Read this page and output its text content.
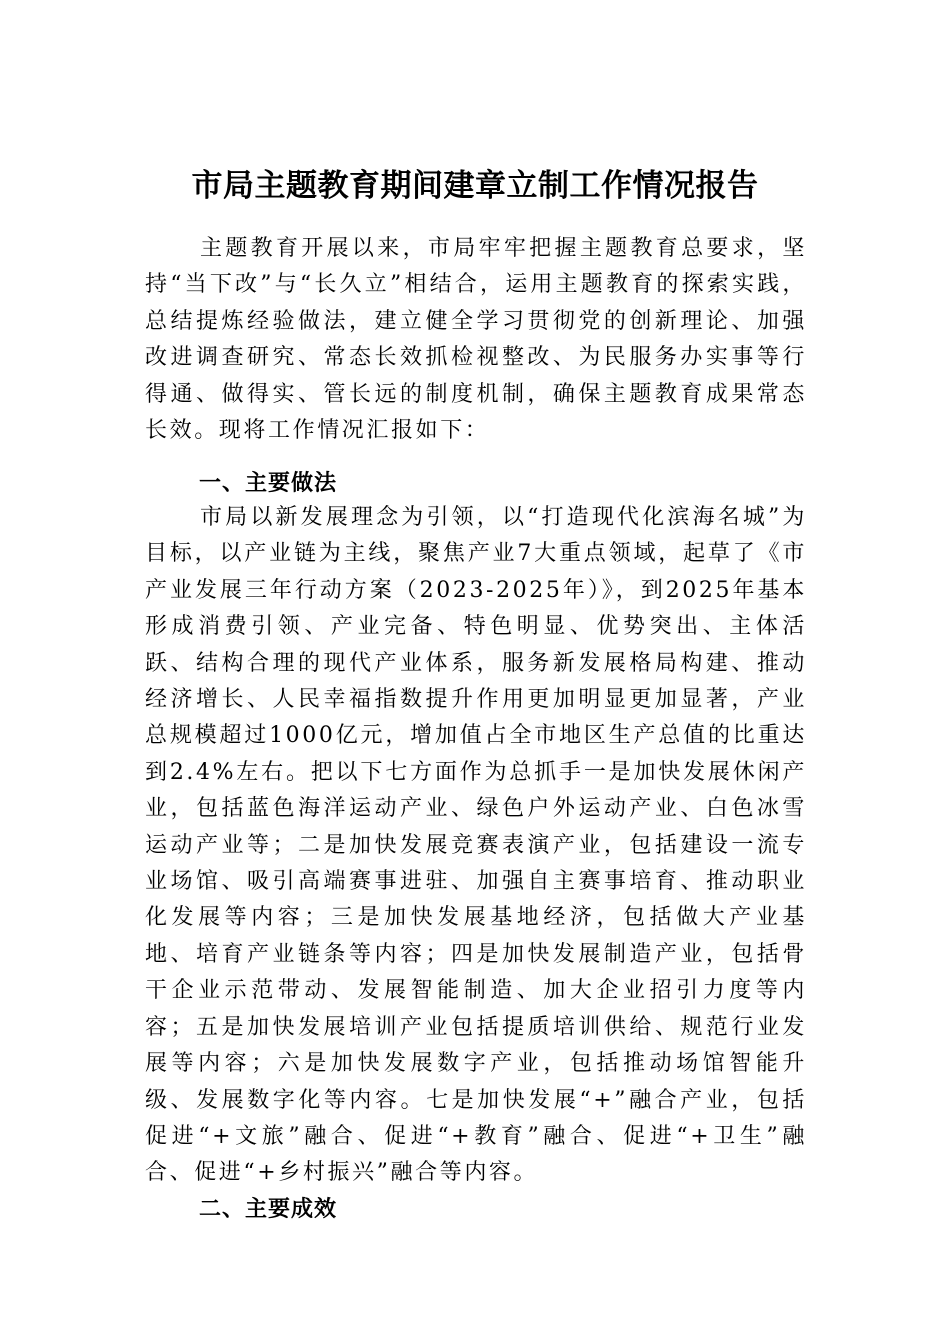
市局主题教育期间建章立制工作情况报告

主题教育开展以来，市局牢牢把握主题教育总要求，坚持“当下改”与“长久立”相结合，运用主题教育的探索实践，总结提炼经验做法，建立健全学习贯彻党的创新理论、加强改进调查研究、常态长效抓检视整改、为民服务办实事等行得通、做得实、管长远的制度机制，确保主题教育成果常态长效。现将工作情况汇报如下：

一、主要做法

市局以新发展理念为引领，以“打造现代化滨海名城”为目标，以产业链为主线，聚焦产业7大重点领域，起草了《市产业发展三年行动方案（2023-2025年）》，到2025年基本形成消费引领、产业完备、特色明显、优势突出、主体活跃、结构合理的现代产业体系，服务新发展格局构建、推动经济增长、人民幸福指数提升作用更加明显更加显著，产业总规模超过1000亿元，增加值占全市地区生产总值的比重达到2.4%左右。把以下七方面作为总抓手一是加快发展休闲产业，包括蓝色海洋运动产业、绿色户外运动产业、白色冰雪运动产业等；二是加快发展竞赛表演产业，包括建设一流专业场馆、吸引高端赛事进驻、加强自主赛事培育、推动职业化发展等内容；三是加快发展基地经济，包括做大产业基地、培育产业链条等内容；四是加快发展制造产业，包括骨干企业示范带动、发展智能制造、加大企业招引力度等内容；五是加快发展培训产业包括提质培训供给、规范行业发展等内容；六是加快发展数字产业，包括推动场馆智能升级、发展数字化等内容。七是加快发展“+”融合产业，包括促进“+文旅”融合、促进“+教育”融合、促进“+卫生”融合、促进“+乡村振兴”融合等内容。

二、主要成效
